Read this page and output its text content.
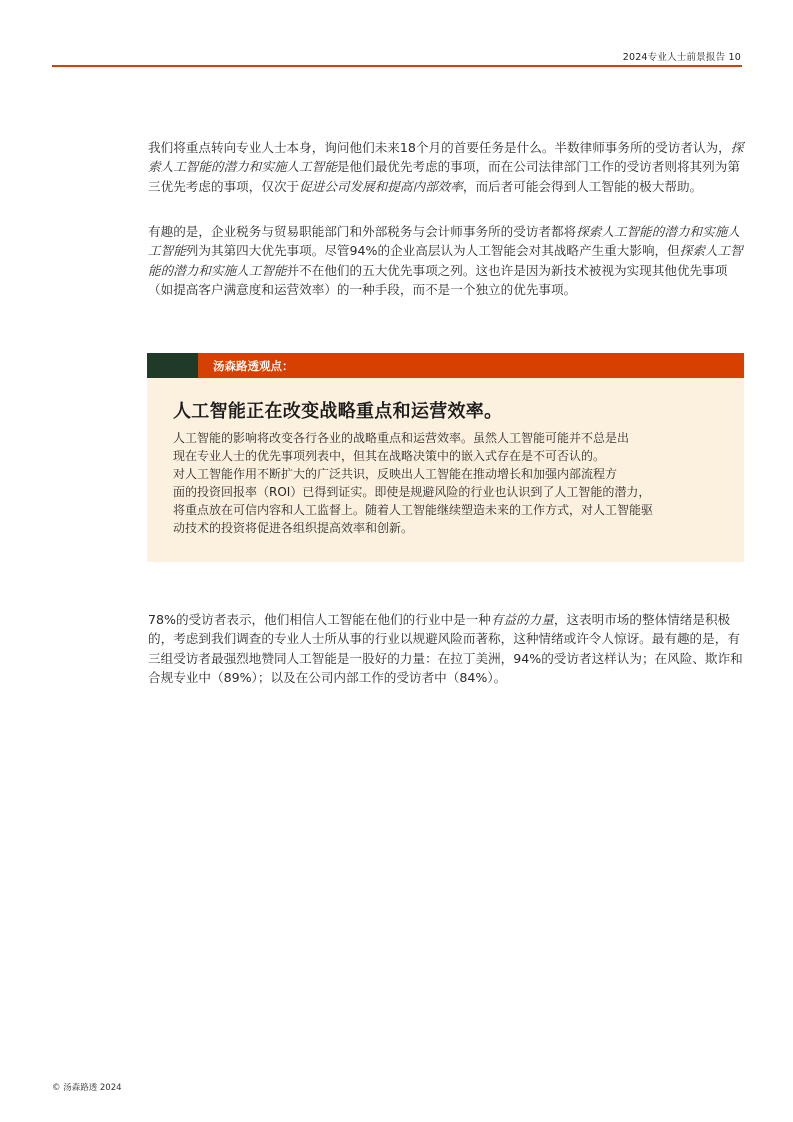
2024专业人士前景报告 10

我们将重点转向专业人士本身，询问他们未来18个月的首要任务是什么。半数律师事务所的受访者认为，探索人工智能的潜力和实施人工智能是他们最优先考虑的事项，而在公司法律部门工作的受访者则将其列为第三优先考虑的事项，仅次于促进公司发展和提高内部效率，而后者可能会得到人工智能的极大帮助。

有趣的是，企业税务与贸易职能部门和外部税务与会计师事务所的受访者都将探索人工智能的潜力和实施人工智能列为其第四大优先事项。尽管94%的企业高层认为人工智能会对其战略产生重大影响，但探索人工智能的潜力和实施人工智能并不在他们的五大优先事项之列。这也许是因为新技术被视为实现其他优先事项（如提高客户满意度和运营效率）的一种手段，而不是一个独立的优先事项。

汤森路透观点：
人工智能正在改变战略重点和运营效率。
人工智能的影响将改变各行各业的战略重点和运营效率。虽然人工智能可能并不总是出
现在专业人士的优先事项列表中，但其在战略决策中的嵌入式存在是不可否认的。
对人工智能作用不断扩大的广泛共识，反映出人工智能在推动增长和加强内部流程方
面的投资回报率（ROI）已得到证实。即使是规避风险的行业也认识到了人工智能的潜力，
将重点放在可信内容和人工监督上。随着人工智能继续塑造未来的工作方式，对人工智能驱
动技术的投资将促进各组织提高效率和创新。

78%的受访者表示，他们相信人工智能在他们的行业中是一种有益的力量，这表明市场的整体情绪是积极的，考虑到我们调查的专业人士所从事的行业以规避风险而著称，这种情绪或许令人惊讶。最有趣的是，有三组受访者最强烈地赞同人工智能是一股好的力量：在拉丁美洲，94%的受访者这样认为；在风险、欺诈和合规专业中（89%）；以及在公司内部工作的受访者中（84%）。

© 汤森路透 2024
